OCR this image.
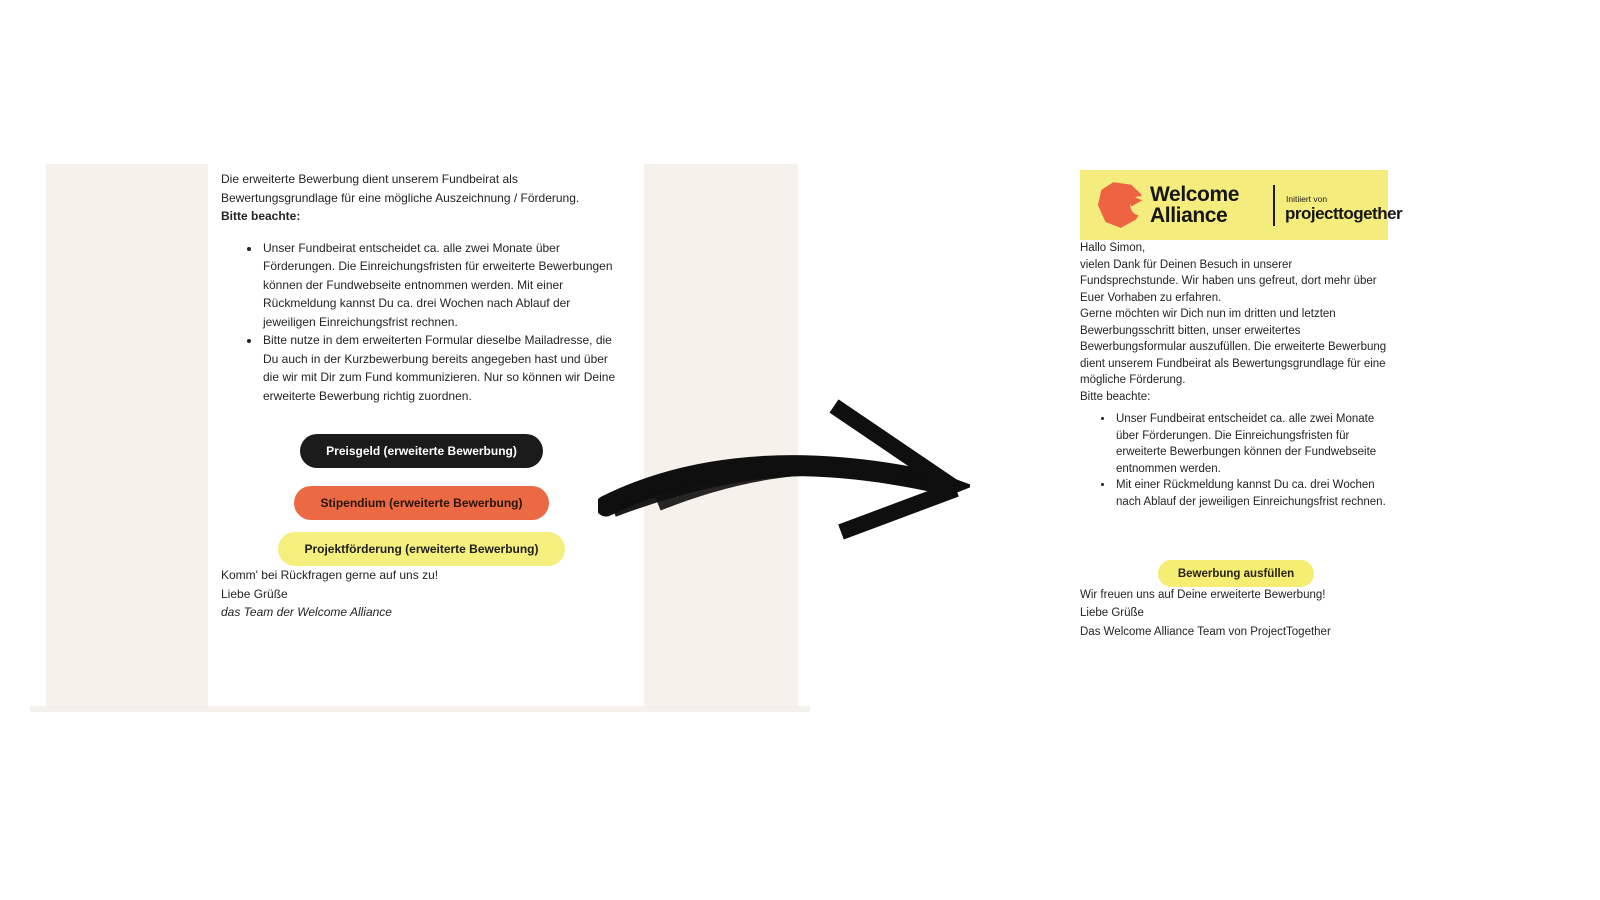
Die erweiterte Bewerbung dient unserem Fundbeirat als Bewertungsgrundlage für eine mögliche Auszeichnung / Förderung.

Bitte beachte:

• Unser Fundbeirat entscheidet ca. alle zwei Monate über Förderungen. Die Einreichungsfristen für erweiterte Bewerbungen können der Fundwebseite entnommen werden. Mit einer Rückmeldung kannst Du ca. drei Wochen nach Ablauf der jeweiligen Einreichungsfrist rechnen.
• Bitte nutze in dem erweiterten Formular dieselbe Mailadresse, die Du auch in der Kurzbewerbung bereits angegeben hast und über die wir mit Dir zum Fund kommunizieren. Nur so können wir Deine erweiterte Bewerbung richtig zuordnen.
Preisgeld (erweiterte Bewerbung)
Stipendium (erweiterte Bewerbung)
Projektförderung (erweiterte Bewerbung)

Komm' bei Rückfragen gerne auf uns zu!

Liebe Grüße

das Team der Welcome Alliance

Welcome
Alliance
Initiiert von
projecttogether

Hallo Simon,

vielen Dank für Deinen Besuch in unserer Fundsprechstunde. Wir haben uns gefreut, dort mehr über Euer Vorhaben zu erfahren.

Gerne möchten wir Dich nun im dritten und letzten Bewerbungsschritt bitten, unser erweitertes Bewerbungsformular auszufüllen. Die erweiterte Bewerbung dient unserem Fundbeirat als Bewertungsgrundlage für eine mögliche Förderung.

Bitte beachte:

• Unser Fundbeirat entscheidet ca. alle zwei Monate über Förderungen. Die Einreichungsfristen für erweiterte Bewerbungen können der Fundwebseite entnommen werden.
• Mit einer Rückmeldung kannst Du ca. drei Wochen nach Ablauf der jeweiligen Einreichungsfrist rechnen.
Bewerbung ausfüllen

Wir freuen uns auf Deine erweiterte Bewerbung!

Liebe Grüße

Das Welcome Alliance Team von ProjectTogether
